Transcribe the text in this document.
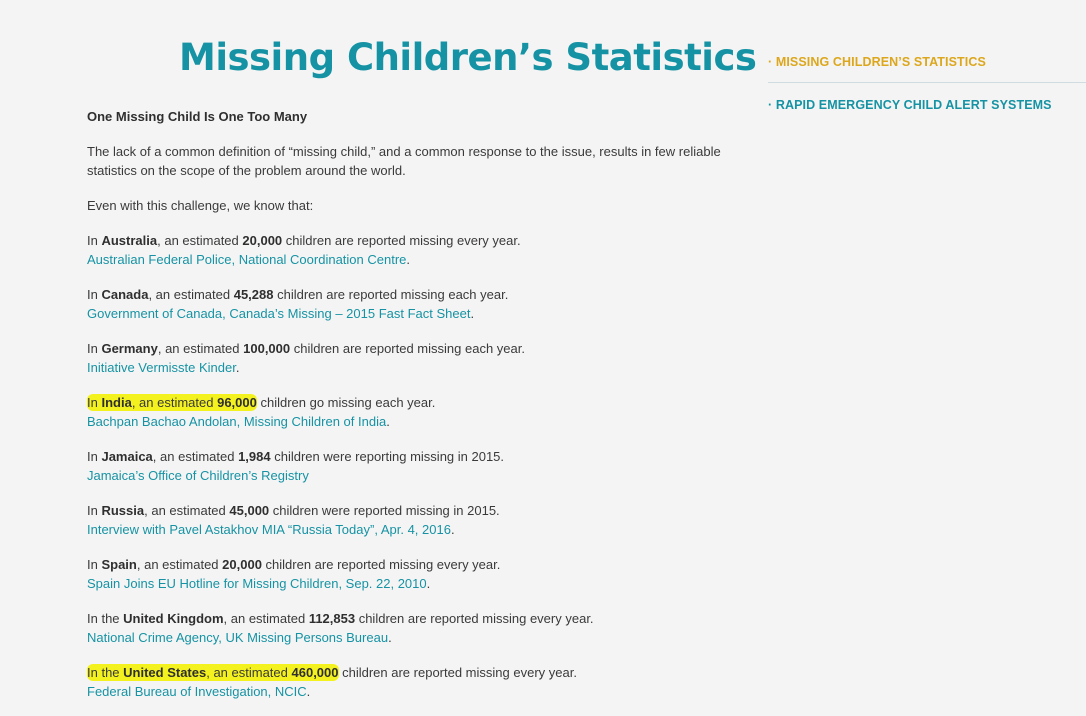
Missing Children’s Statistics
One Missing Child Is One Too Many
The lack of a common definition of “missing child,” and a common response to the issue, results in few reliable
statistics on the scope of the problem around the world.
Even with this challenge, we know that:
In Australia, an estimated 20,000 children are reported missing every year.
Australian Federal Police, National Coordination Centre.
In Canada, an estimated 45,288 children are reported missing each year.
Government of Canada, Canada’s Missing – 2015 Fast Fact Sheet.
In Germany, an estimated 100,000 children are reported missing each year.
Initiative Vermisste Kinder.
In India, an estimated 96,000 children go missing each year.
Bachpan Bachao Andolan, Missing Children of India.
In Jamaica, an estimated 1,984 children were reporting missing in 2015.
Jamaica’s Office of Children’s Registry
In Russia, an estimated 45,000 children were reported missing in 2015.
Interview with Pavel Astakhov MIA “Russia Today”, Apr. 4, 2016.
In Spain, an estimated 20,000 children are reported missing every year.
Spain Joins EU Hotline for Missing Children, Sep. 22, 2010.
In the United Kingdom, an estimated 112,853 children are reported missing every year.
National Crime Agency, UK Missing Persons Bureau.
In the United States, an estimated 460,000 children are reported missing every year.
Federal Bureau of Investigation, NCIC.
· MISSING CHILDREN’S STATISTICS
· RAPID EMERGENCY CHILD ALERT SYSTEMS
